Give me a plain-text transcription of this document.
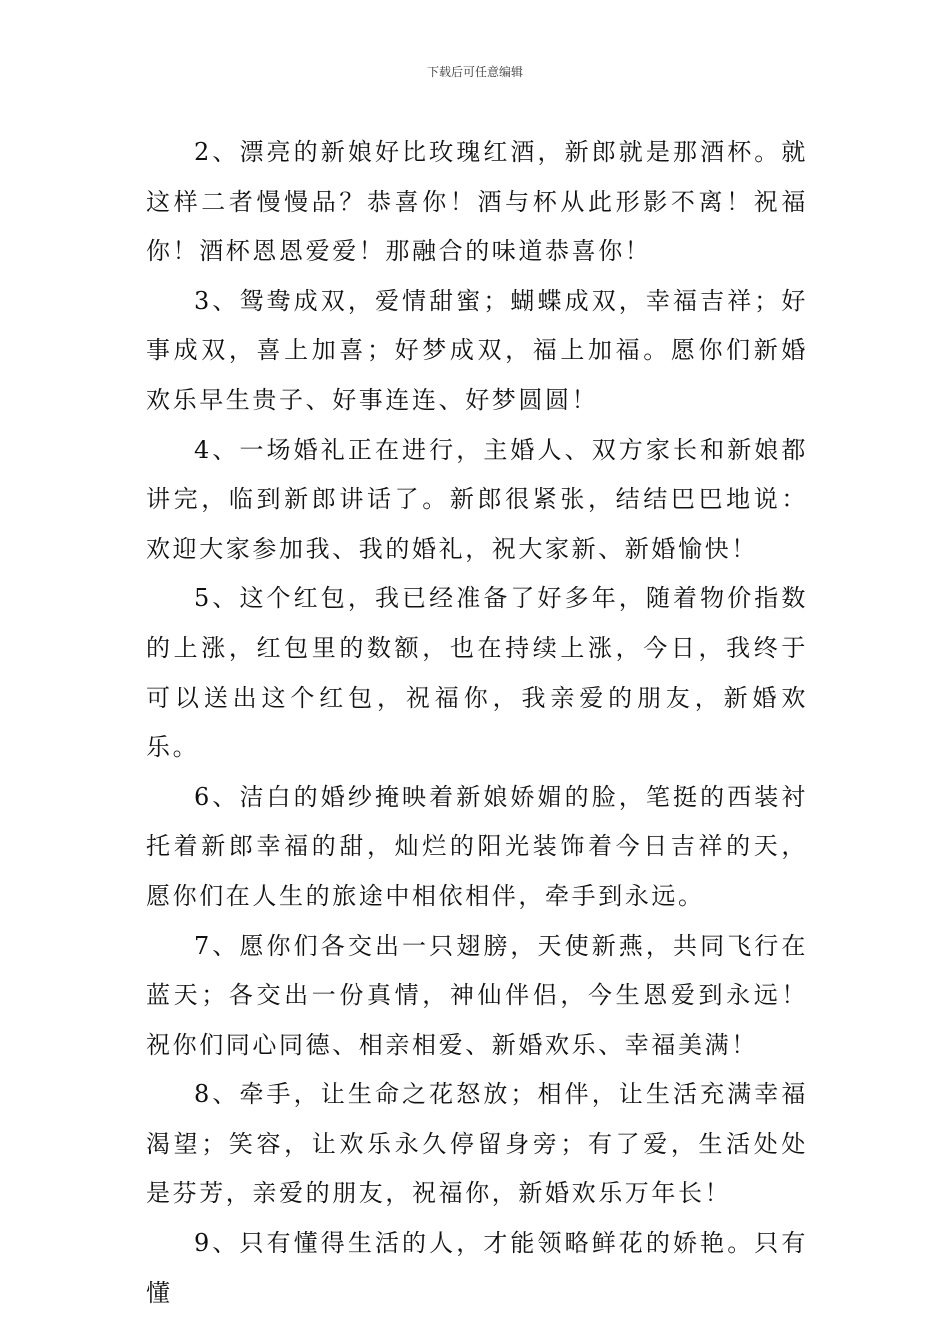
下载后可任意编辑

2、漂亮的新娘好比玫瑰红酒，新郎就是那酒杯。就这样二者慢慢品？恭喜你！酒与杯从此形影不离！祝福你！酒杯恩恩爱爱！那融合的味道恭喜你！

3、鸳鸯成双，爱情甜蜜；蝴蝶成双，幸福吉祥；好事成双，喜上加喜；好梦成双，福上加福。愿你们新婚欢乐早生贵子、好事连连、好梦圆圆！

4、一场婚礼正在进行，主婚人、双方家长和新娘都讲完，临到新郎讲话了。新郎很紧张，结结巴巴地说：欢迎大家参加我、我的婚礼，祝大家新、新婚愉快！

5、这个红包，我已经准备了好多年，随着物价指数的上涨，红包里的数额，也在持续上涨，今日，我终于可以送出这个红包，祝福你，我亲爱的朋友，新婚欢乐。

6、洁白的婚纱掩映着新娘娇媚的脸，笔挺的西装衬托着新郎幸福的甜，灿烂的阳光装饰着今日吉祥的天，愿你们在人生的旅途中相依相伴，牵手到永远。

7、愿你们各交出一只翅膀，天使新燕，共同飞行在蓝天；各交出一份真情，神仙伴侣，今生恩爱到永远！祝你们同心同德、相亲相爱、新婚欢乐、幸福美满！

8、牵手，让生命之花怒放；相伴，让生活充满幸福渴望；笑容，让欢乐永久停留身旁；有了爱，生活处处是芬芳，亲爱的朋友，祝福你，新婚欢乐万年长！

9、只有懂得生活的人，才能领略鲜花的娇艳。只有懂
